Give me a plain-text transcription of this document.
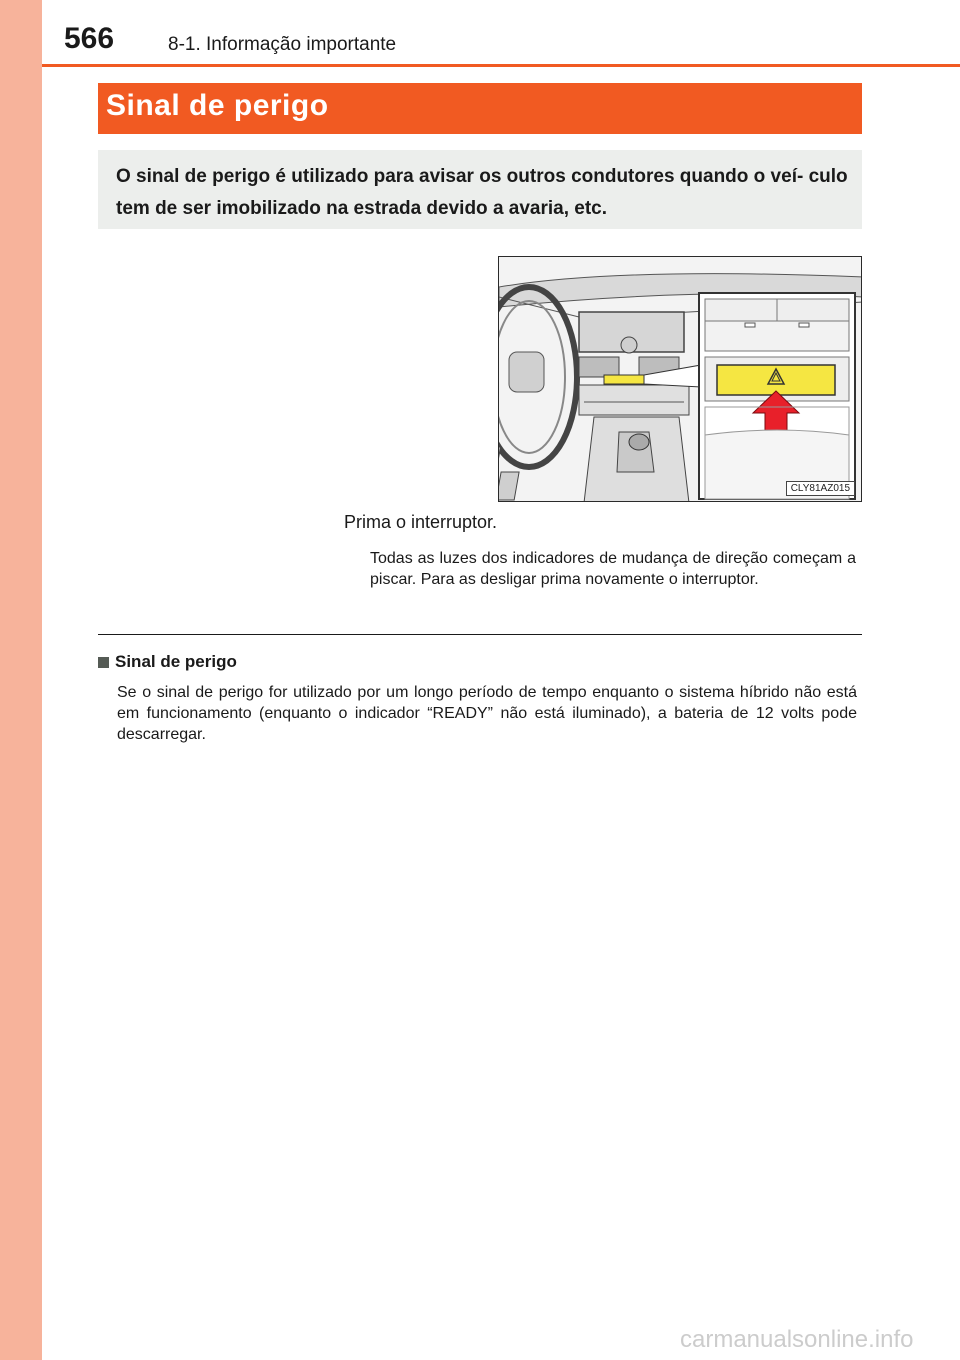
566	8-1. Informação importante
Sinal de perigo
O sinal de perigo é utilizado para avisar os outros condutores quando o veí- culo tem de ser imobilizado na estrada devido a avaria, etc.
CLY81AZ015
Prima o interruptor.
Todas as luzes dos indicadores de mudança de direção começam a piscar. Para as desligar prima novamente o interruptor.
Sinal de perigo
Se o sinal de perigo for utilizado por um longo período de tempo enquanto o sistema híbrido não está em funcionamento (enquanto o indicador “READY” não está iluminado), a bateria de 12 volts pode descarregar.
carmanualsonline.info
